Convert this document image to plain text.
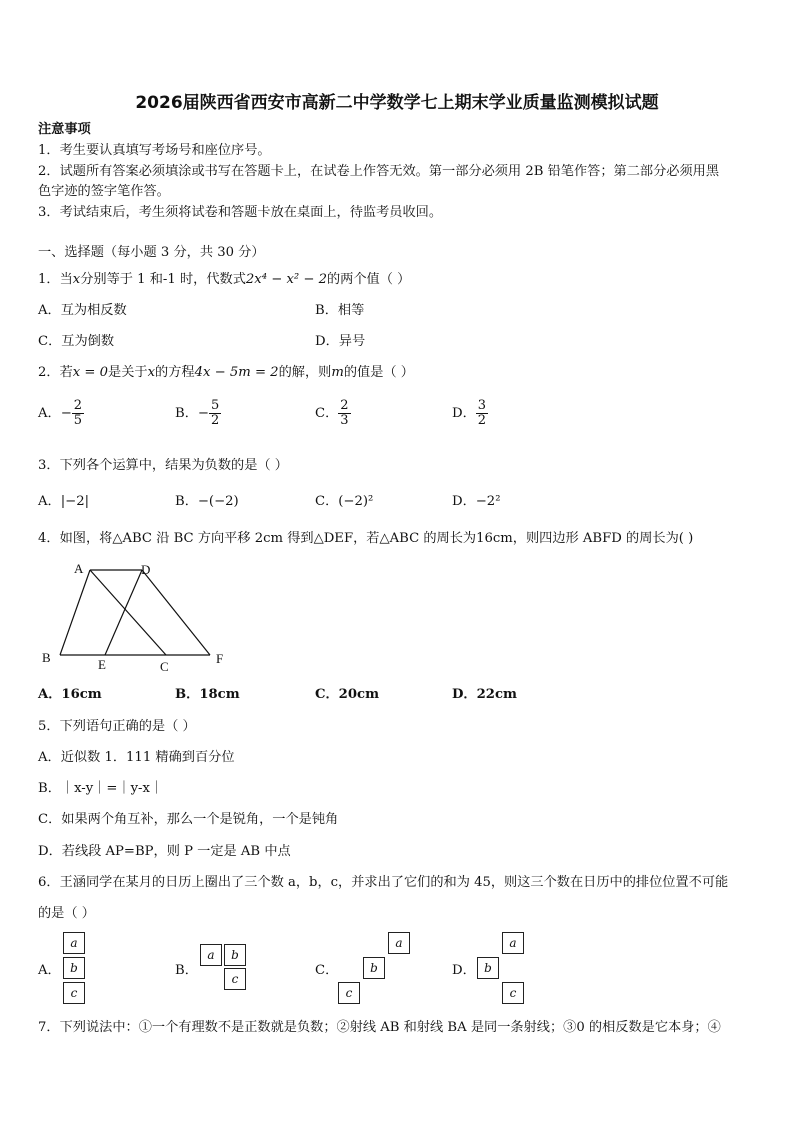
2026届陕西省西安市高新二中学数学七上期末学业质量监测模拟试题
注意事项
1．考生要认真填写考场号和座位序号。
2．试题所有答案必须填涂或书写在答题卡上，在试卷上作答无效。第一部分必须用 2B 铅笔作答；第二部分必须用黑
色字迹的签字笔作答。
3．考试结束后，考生须将试卷和答题卡放在桌面上，待监考员收回。
一、选择题（每小题 3 分，共 30 分）
1．当x分别等于 1 和-1 时，代数式2x⁴ − x² − 2的两个值（ ）
A．互为相反数	B．相等
C．互为倒数	D．异号
2．若x = 0是关于x的方程4x − 5m = 2的解，则m的值是（ ）
A．− $\frac{2}{5}$	B．− $\frac{5}{2}$	C． $\frac{2}{3}$	D． $\frac{3}{2}$
3．下列各个运算中，结果为负数的是（ ）
A．|−2|	B．−(−2)	C．(−2)²	D．−2²
4．如图，将△ABC 沿 BC 方向平移 2cm 得到△DEF，若△ABC 的周长为16cm，则四边形 ABFD 的周长为( )
A	D
B	E	C
F
A．16cm	B．18cm	C．20cm	D．22cm
5．下列语句正确的是（ ）
A．近似数 1．111 精确到百分位
B．｜x-y｜=｜y-x｜
C．如果两个角互补，那么一个是锐角，一个是钝角
D．若线段 AP=BP，则 P 一定是 AB 中点
6．王涵同学在某月的日历上圈出了三个数 a，b，c，并求出了它们的和为 45，则这三个数在日历中的排位位置不可能
的是（ ）
A．
a
b
c
B．
a	b
c
C．
a
b
c
D．
a
b
c
7．下列说法中：①一个有理数不是正数就是负数；②射线 AB 和射线 BA 是同一条射线；③0 的相反数是它本身；④
